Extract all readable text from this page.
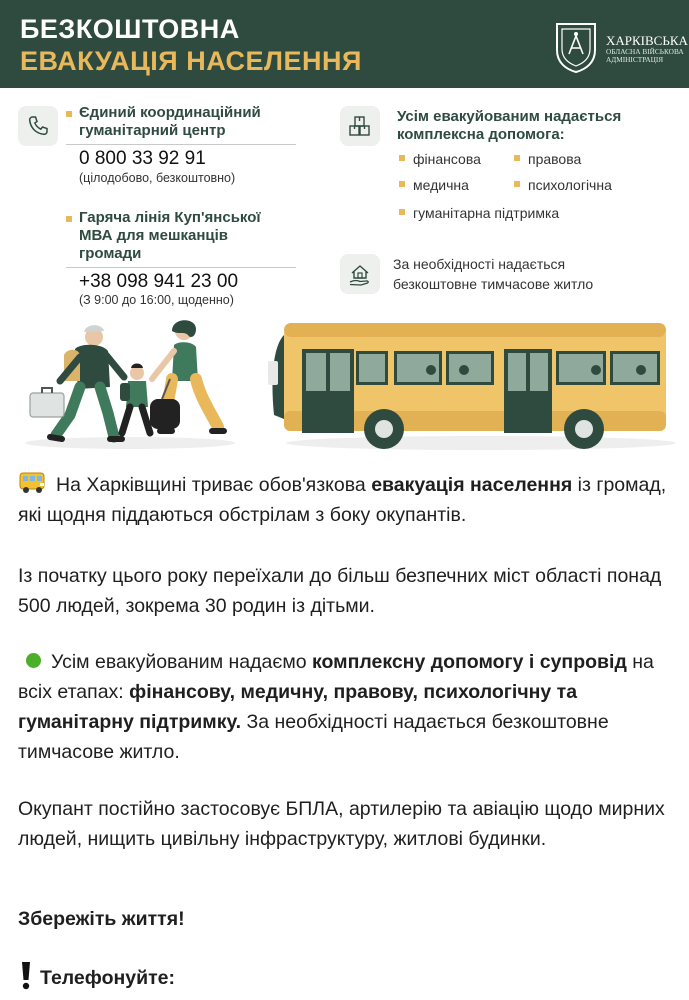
БЕЗКОШТОВНА
ЕВАКУАЦІЯ НАСЕЛЕННЯ
ХАРКІВСЬКА
ОБЛАСНА ВІЙСЬКОВА АДМІНІСТРАЦІЯ
Єдиний координаційний
гуманітарний центр
0 800 33 92 91
(цілодобово, безкоштовно)
Гаряча лінія Куп'янської
МВА для мешканців
громади
+38 098 941 23 00
(З 9:00 до 16:00, щоденно)
Усім евакуйованим надається
комплексна допомога:
фінансова	правова
медична	психологічна
гуманітарна підтримка
За необхідності надається
безкоштовне тимчасове житло
На Харківщині триває обов'язкова евакуація населення із громад, які щодня піддаються обстрілам з боку окупантів.
Із початку цього року переїхали до більш безпечних міст області понад 500 людей, зокрема 30 родин із дітьми.
Усім евакуйованим надаємо комплексну допомогу і супровід на всіх етапах: фінансову, медичну, правову, психологічну та гуманітарну підтримку. За необхідності надається безкоштовне тимчасове житло.
Окупант постійно застосовує БПЛА, артилерію та авіацію щодо мирних людей, нищить цивільну інфраструктуру, житлові будинки.
Збережіть життя!
Телефонуйте:
